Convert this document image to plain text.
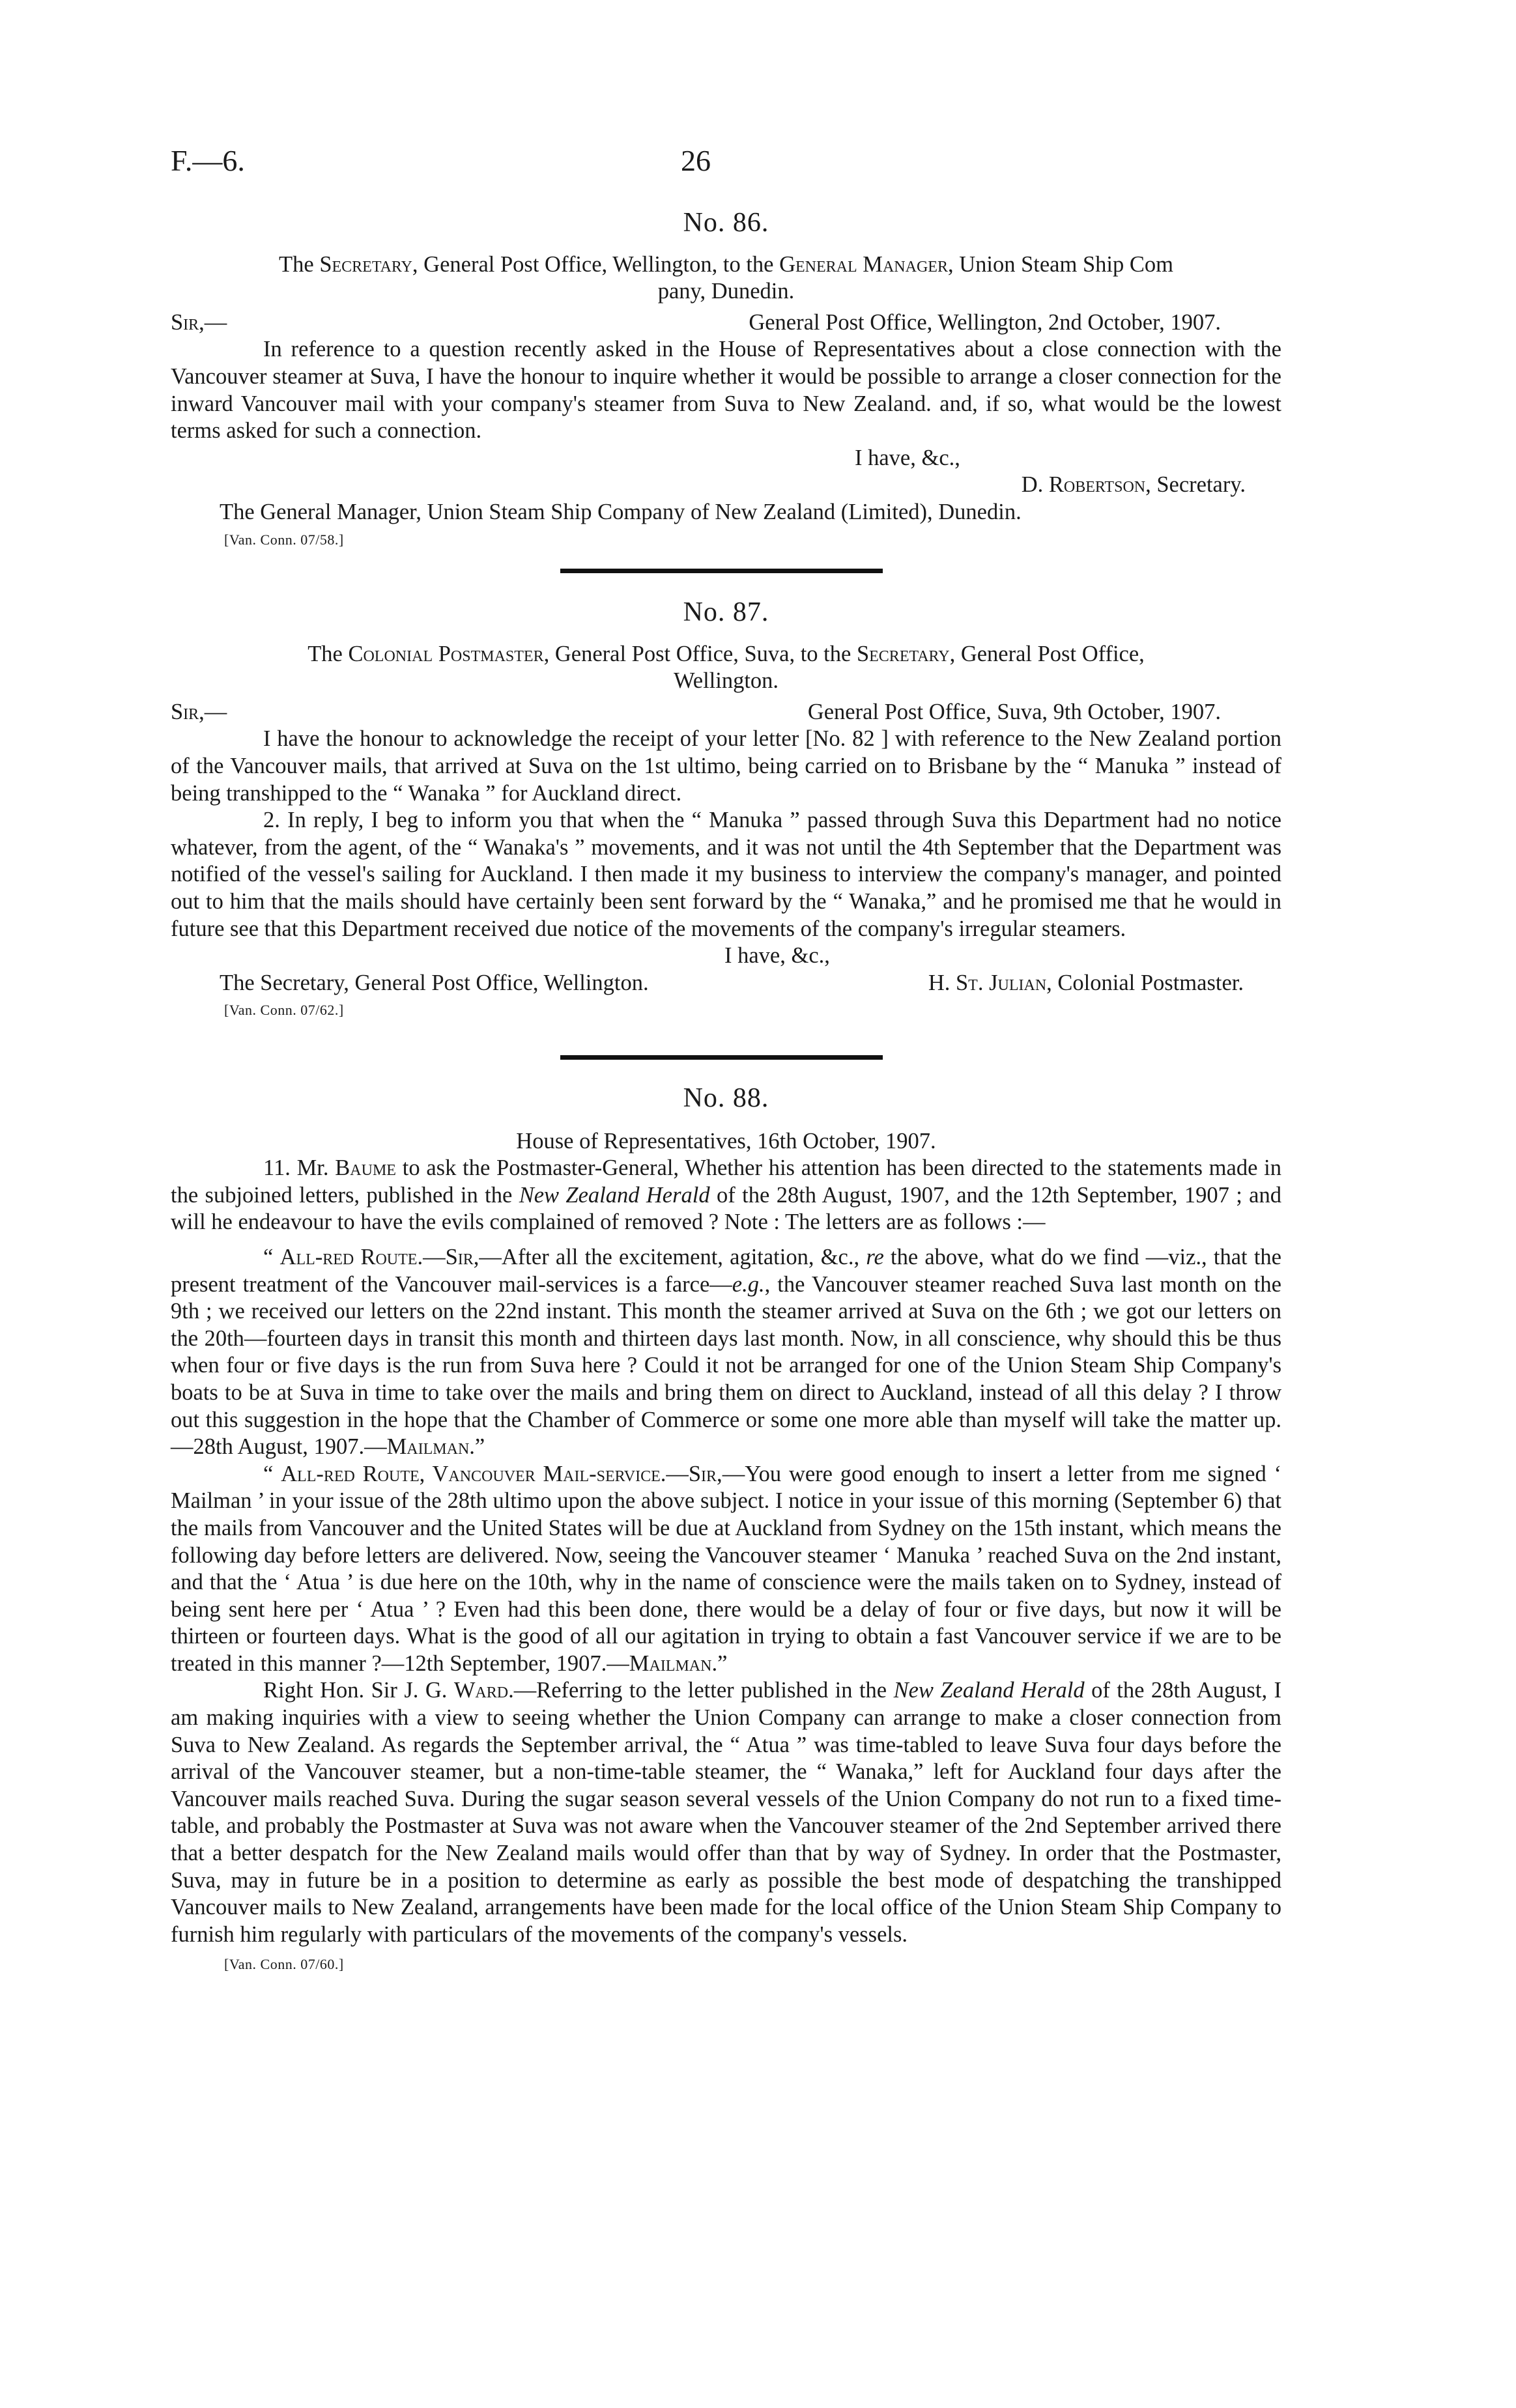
F.—6.	26

No. 86.

The Secretary, General Post Office, Wellington, to the General Manager, Union Steam Ship Com
pany, Dunedin.

Sir,—	General Post Office, Wellington, 2nd October, 1907.

In reference to a question recently asked in the House of Representatives about a close connection with the Vancouver steamer at Suva, I have the honour to inquire whether it would be possible to arrange a closer connection for the inward Vancouver mail with your company's steamer from Suva to New Zealand. and, if so, what would be the lowest terms asked for such a connection.

I have, &c.,

D. Robertson, Secretary.

The General Manager, Union Steam Ship Company of New Zealand (Limited), Dunedin.

[Van. Conn. 07/58.]

No. 87.

The Colonial Postmaster, General Post Office, Suva, to the Secretary, General Post Office,
Wellington.

Sir,—	General Post Office, Suva, 9th October, 1907.

I have the honour to acknowledge the receipt of your letter [No. 82 ] with reference to the New Zealand portion of the Vancouver mails, that arrived at Suva on the 1st ultimo, being carried on to Brisbane by the “ Manuka ” instead of being transhipped to the “ Wanaka ” for Auckland direct.

2. In reply, I beg to inform you that when the “ Manuka ” passed through Suva this Department had no notice whatever, from the agent, of the “ Wanaka's ” movements, and it was not until the 4th September that the Department was notified of the vessel's sailing for Auckland. I then made it my business to interview the company's manager, and pointed out to him that the mails should have certainly been sent forward by the “ Wanaka,” and he promised me that he would in future see that this Department received due notice of the movements of the company's irregular steamers.

I have, &c.,

The Secretary, General Post Office, Wellington.	H. St. Julian, Colonial Postmaster.

[Van. Conn. 07/62.]

No. 88.

House of Representatives, 16th October, 1907.

11. Mr. Baume to ask the Postmaster-General, Whether his attention has been directed to the statements made in the subjoined letters, published in the New Zealand Herald of the 28th August, 1907, and the 12th September, 1907 ; and will he endeavour to have the evils complained of removed ? Note : The letters are as follows :—

“ All-red Route.—Sir,—After all the excitement, agitation, &c., re the above, what do we find —viz., that the present treatment of the Vancouver mail-services is a farce—e.g., the Vancouver steamer reached Suva last month on the 9th ; we received our letters on the 22nd instant. This month the steamer arrived at Suva on the 6th ; we got our letters on the 20th—fourteen days in transit this month and thirteen days last month. Now, in all conscience, why should this be thus when four or five days is the run from Suva here ? Could it not be arranged for one of the Union Steam Ship Company's boats to be at Suva in time to take over the mails and bring them on direct to Auckland, instead of all this delay ? I throw out this suggestion in the hope that the Chamber of Commerce or some one more able than myself will take the matter up.—28th August, 1907.—Mailman.”

“ All-red Route, Vancouver Mail-service.—Sir,—You were good enough to insert a letter from me signed ‘ Mailman ’ in your issue of the 28th ultimo upon the above subject. I notice in your issue of this morning (September 6) that the mails from Vancouver and the United States will be due at Auckland from Sydney on the 15th instant, which means the following day before letters are delivered. Now, seeing the Vancouver steamer ‘ Manuka ’ reached Suva on the 2nd instant, and that the ‘ Atua ’ is due here on the 10th, why in the name of conscience were the mails taken on to Sydney, instead of being sent here per ‘ Atua ’ ? Even had this been done, there would be a delay of four or five days, but now it will be thirteen or fourteen days. What is the good of all our agitation in trying to obtain a fast Vancouver service if we are to be treated in this manner ?—12th September, 1907.—Mailman.”

Right Hon. Sir J. G. Ward.—Referring to the letter published in the New Zealand Herald of the 28th August, I am making inquiries with a view to seeing whether the Union Company can arrange to make a closer connection from Suva to New Zealand. As regards the September arrival, the “ Atua ” was time-tabled to leave Suva four days before the arrival of the Vancouver steamer, but a non-time-table steamer, the “ Wanaka,” left for Auckland four days after the Vancouver mails reached Suva. During the sugar season several vessels of the Union Company do not run to a fixed time-table, and probably the Postmaster at Suva was not aware when the Vancouver steamer of the 2nd September arrived there that a better despatch for the New Zealand mails would offer than that by way of Sydney. In order that the Postmaster, Suva, may in future be in a position to determine as early as possible the best mode of despatching the transhipped Vancouver mails to New Zealand, arrangements have been made for the local office of the Union Steam Ship Company to furnish him regularly with particulars of the movements of the company's vessels.

[Van. Conn. 07/60.]
